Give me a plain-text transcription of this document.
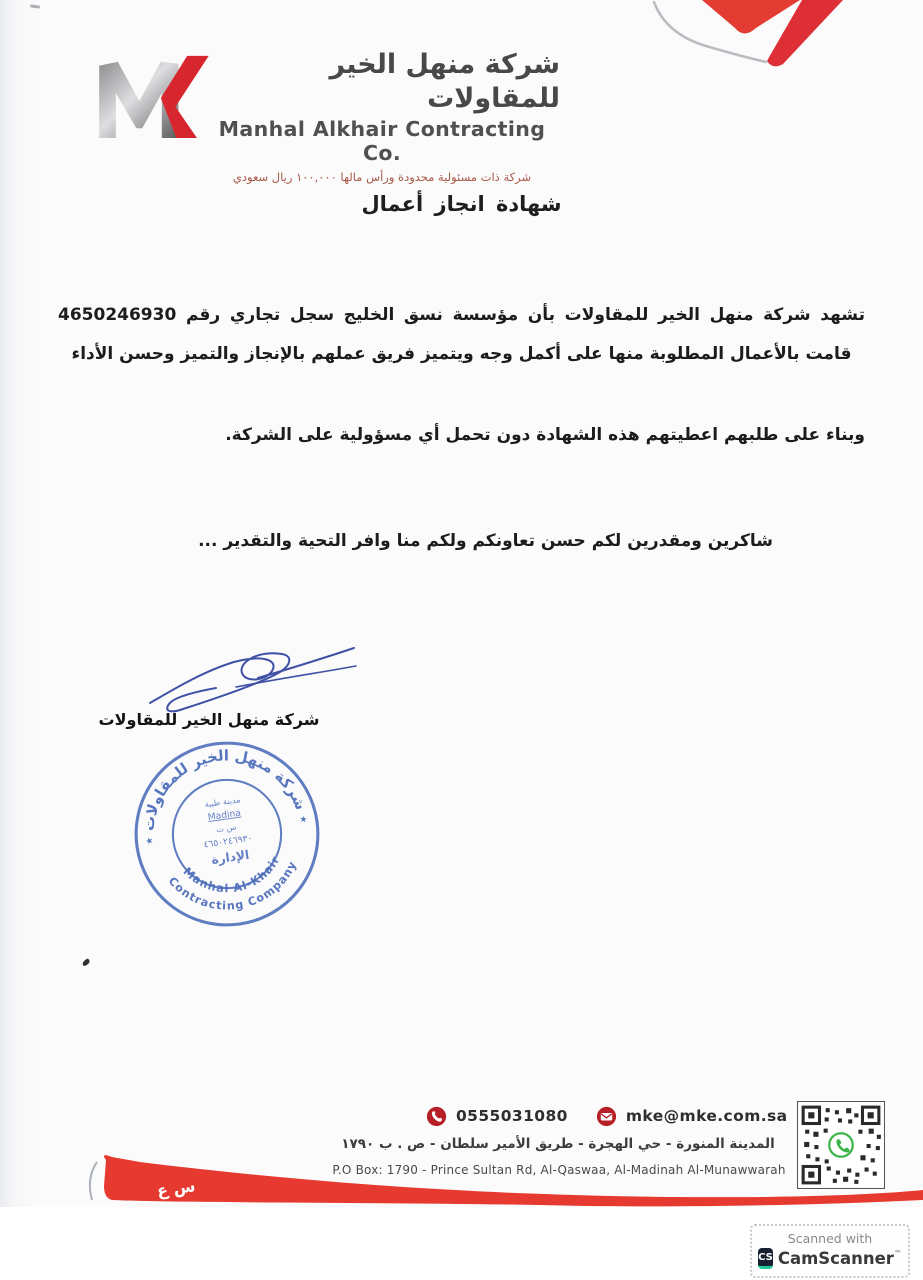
شركة منهل الخير للمقاولات
Manhal Alkhair Contracting Co.
شركة ذات مسئولية محدودة ورأس مالها ١٠٠,٠٠٠ ريال سعودي
شهادة انجاز أعمال
تشهد شركة منهل الخير للمقاولات بأن مؤسسة نسق الخليج سجل تجاري رقم 4650246930 قامت بالأعمال المطلوبة منها على أكمل وجه ويتميز فريق عملهم بالإنجاز والتميز وحسن الأداء
وبناء على طلبهم اعطيتهم هذه الشهادة دون تحمل أي مسؤولية على الشركة.
شاكرين ومقدرين لكم حسن تعاونكم ولكم منا وافر التحية والتقدير ...
شركة منهل الخير للمقاولات
٭ شركة منهل الخير للمقاولات ٭
Contracting Company
Manhal Al-Khair
مدينة طيبة
Madina
س ت
٤٦٥٠٢٤٦٩٣٠
الإدارة
0555031080	mke@mke.com.sa
المدينة المنورة - حي الهجرة - طريق الأمير سلطان - ص . ب ١٧٩٠
P.O Box: 1790 - Prince Sultan Rd, Al-Qaswaa, Al-Madinah Al-Munawwarah
س ع
Scanned with
CS CamScanner™
